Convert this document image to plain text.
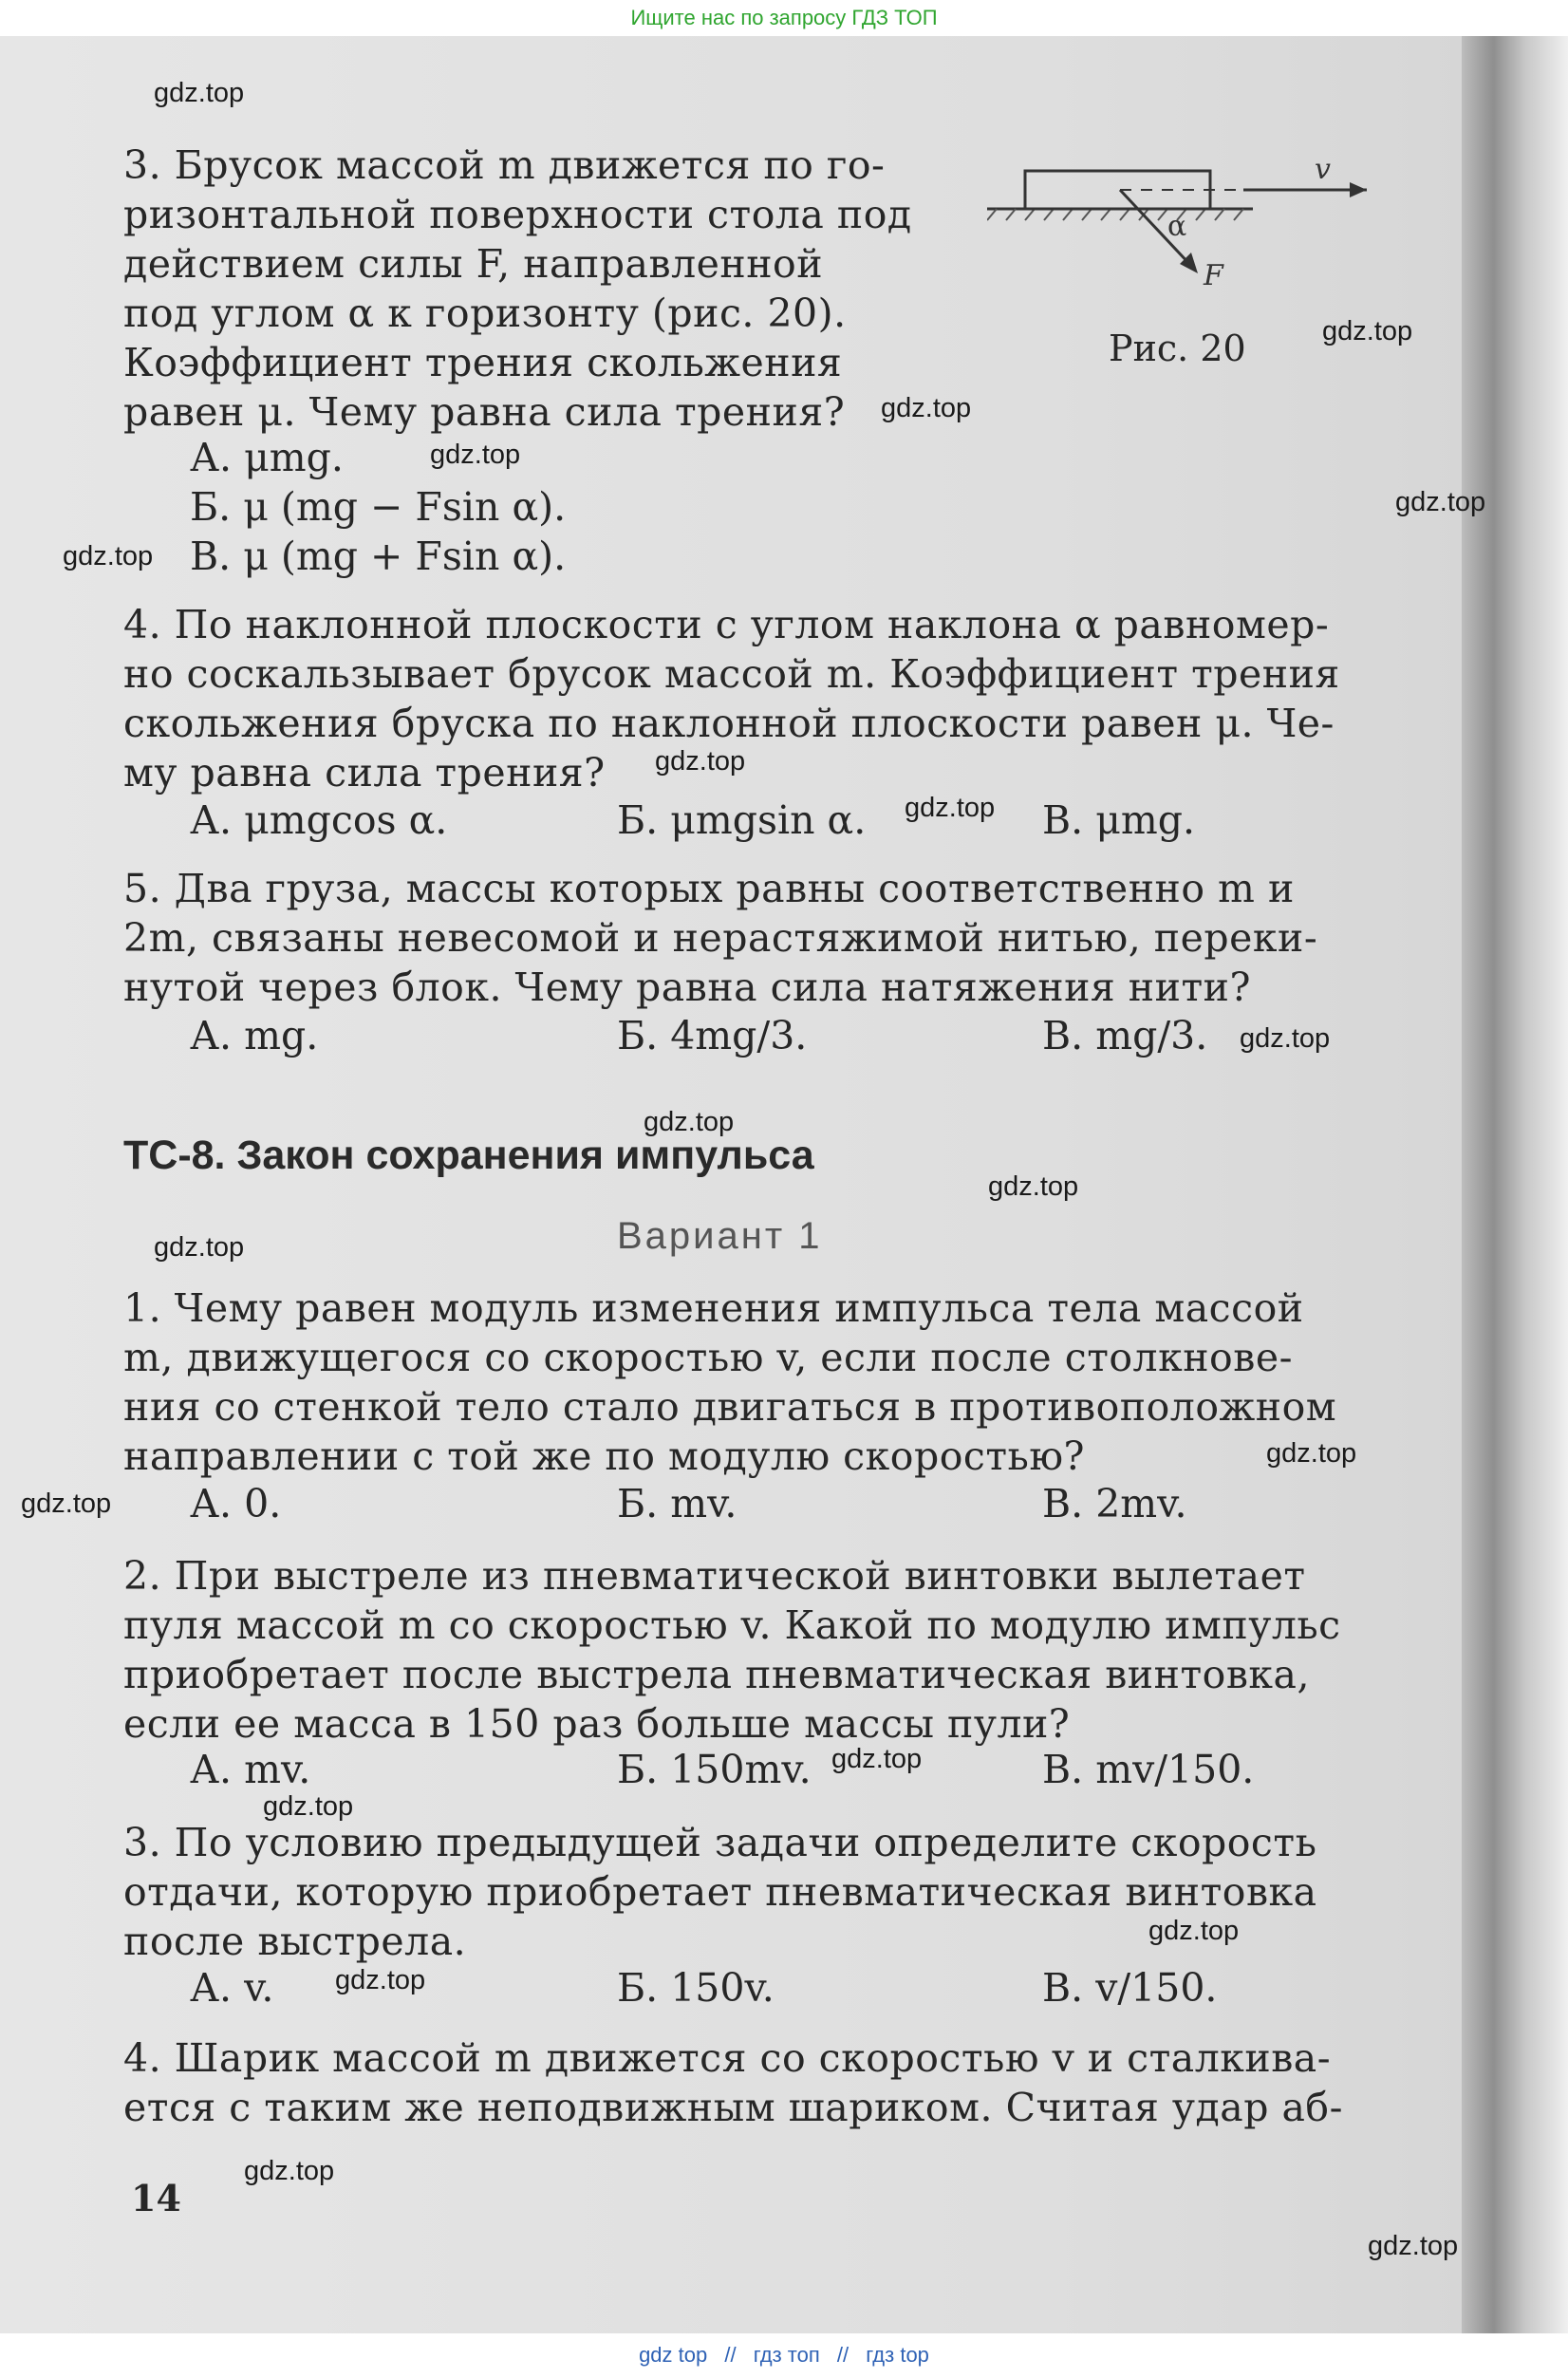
Ищите нас по запросу ГДЗ ТОП

3. Брусок массой m движется по го-

ризонтальной поверхности стола под

действием силы F, направленной

под углом α к горизонту (рис. 20).

Коэффициент трения скольжения

равен μ. Чему равна сила трения?

А. μmg.
Б. μ (mg − Fsin α).
В. μ (mg + Fsin α).
v
α
F
Рис. 20

4. По наклонной плоскости с углом наклона α равномер-

но соскальзывает брусок массой m. Коэффициент трения

скольжения бруска по наклонной плоскости равен μ. Че-

му равна сила трения?

А. μmgcos α.	Б. μmgsin α.	В. μmg.

5. Два груза, массы которых равны соответственно m и

2m, связаны невесомой и нерастяжимой нитью, переки-

нутой через блок. Чему равна сила натяжения нити?

А. mg.	Б. 4mg/3.	В. mg/3.
ТС-8. Закон сохранения импульса
Вариант 1

1. Чему равен модуль изменения импульса тела массой

m, движущегося со скоростью v, если после столкнове-

ния со стенкой тело стало двигаться в противоположном

направлении с той же по модулю скоростью?

А. 0.	Б. mv.	В. 2mv.

2. При выстреле из пневматической винтовки вылетает

пуля массой m со скоростью v. Какой по модулю импульс

приобретает после выстрела пневматическая винтовка,

если ее масса в 150 раз больше массы пули?

А. mv.	Б. 150mv.	В. mv/150.

3. По условию предыдущей задачи определите скорость

отдачи, которую приобретает пневматическая винтовка

после выстрела.

А. v.	Б. 150v.	В. v/150.

4. Шарик массой m движется со скоростью v и сталкива-

ется с таким же неподвижным шариком. Считая удар аб-

14
gdz.top
gdz.top
gdz.top
gdz.top
gdz.top
gdz.top
gdz.top
gdz.top
gdz.top
gdz.top
gdz.top
gdz.top
gdz.top
gdz.top
gdz.top
gdz.top
gdz.top
gdz.top
gdz.top
gdz.top
gdz top // гдз топ // гдз top
